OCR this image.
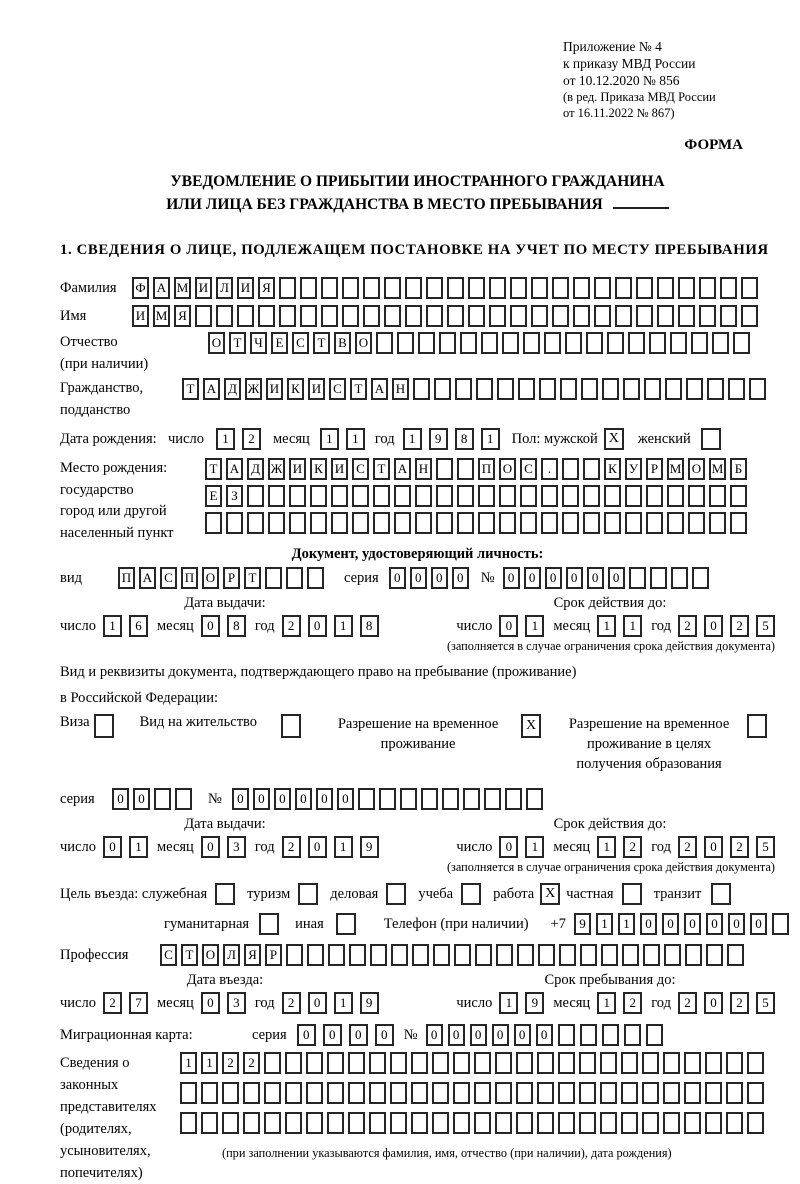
Приложение № 4
к приказу МВД России
от 10.12.2020 № 856
(в ред. Приказа МВД России
от 16.11.2022 № 867)
ФОРМА
УВЕДОМЛЕНИЕ О ПРИБЫТИИ ИНОСТРАННОГО ГРАЖДАНИНА
ИЛИ ЛИЦА БЕЗ ГРАЖДАНСТВА В МЕСТО ПРЕБЫВАНИЯ
1. СВЕДЕНИЯ О ЛИЦЕ, ПОДЛЕЖАЩЕМ ПОСТАНОВКЕ НА УЧЕТ ПО МЕСТУ ПРЕБЫВАНИЯ
Фамилия	Ф А М И Л И Я
Имя	И М Я
Отчество
(при наличии)
О Т Ч Е С Т В О
Гражданство,
подданство
Т А Д Ж И К И С Т А Н
Дата рождения: число	1	2	месяц	1	1	год	1	9	8	1	Пол: мужской X	женский
Место рождения:
государство
город или другой
населенный пункт
Т А Д Ж И К И С Т А Н	П О С	.	К У Р М О М Б
Е	З
Документ, удостоверяющий личность:
вид	П А С П О Р	Т	серия	0	0	0	0	№	0	0	0	0	0	0
Дата выдачи:	Срок действия до:
число	1	6	месяц	0	8	год	2	0	1	8	число	0	1	месяц	1	1	год	2	0	2	5
(заполняется в случае ограничения срока действия документа)
Вид и реквизиты документа, подтверждающего право на пребывание (проживание)
в Российской Федерации:
Виза	Вид на жительство	Разрешение на временное
проживание
X	Разрешение на временное
проживание в целях
получения образования
серия	0	0	№	0	0	0	0	0	0
Дата выдачи:	Срок действия до:
число	0	1	месяц	0	3	год	2	0	1	9	число	0	1	месяц	1	2	год	2	0	2	5
(заполняется в случае ограничения срока действия документа)
Цель въезда: служебная	туризм	деловая	учеба	работа X частная	транзит
гуманитарная	иная	Телефон (при наличии) +7	9	1	1	0	0	0	0	0	0
Профессия	С Т О Л Я	Р
Дата въезда:	Срок пребывания до:
число	2	7	месяц	0	3	год	2	0	1	9	число	1	9	месяц	1	2	год	2	0	2	5
Миграционная карта:	серия	0	0	0	0	№	0	0	0	0	0	0
Сведения о
законных
представителях
(родителях,
усыновителях,
попечителях)
1	1	2	2
(при заполнении указываются фамилия, имя, отчество (при наличии), дата рождения)
